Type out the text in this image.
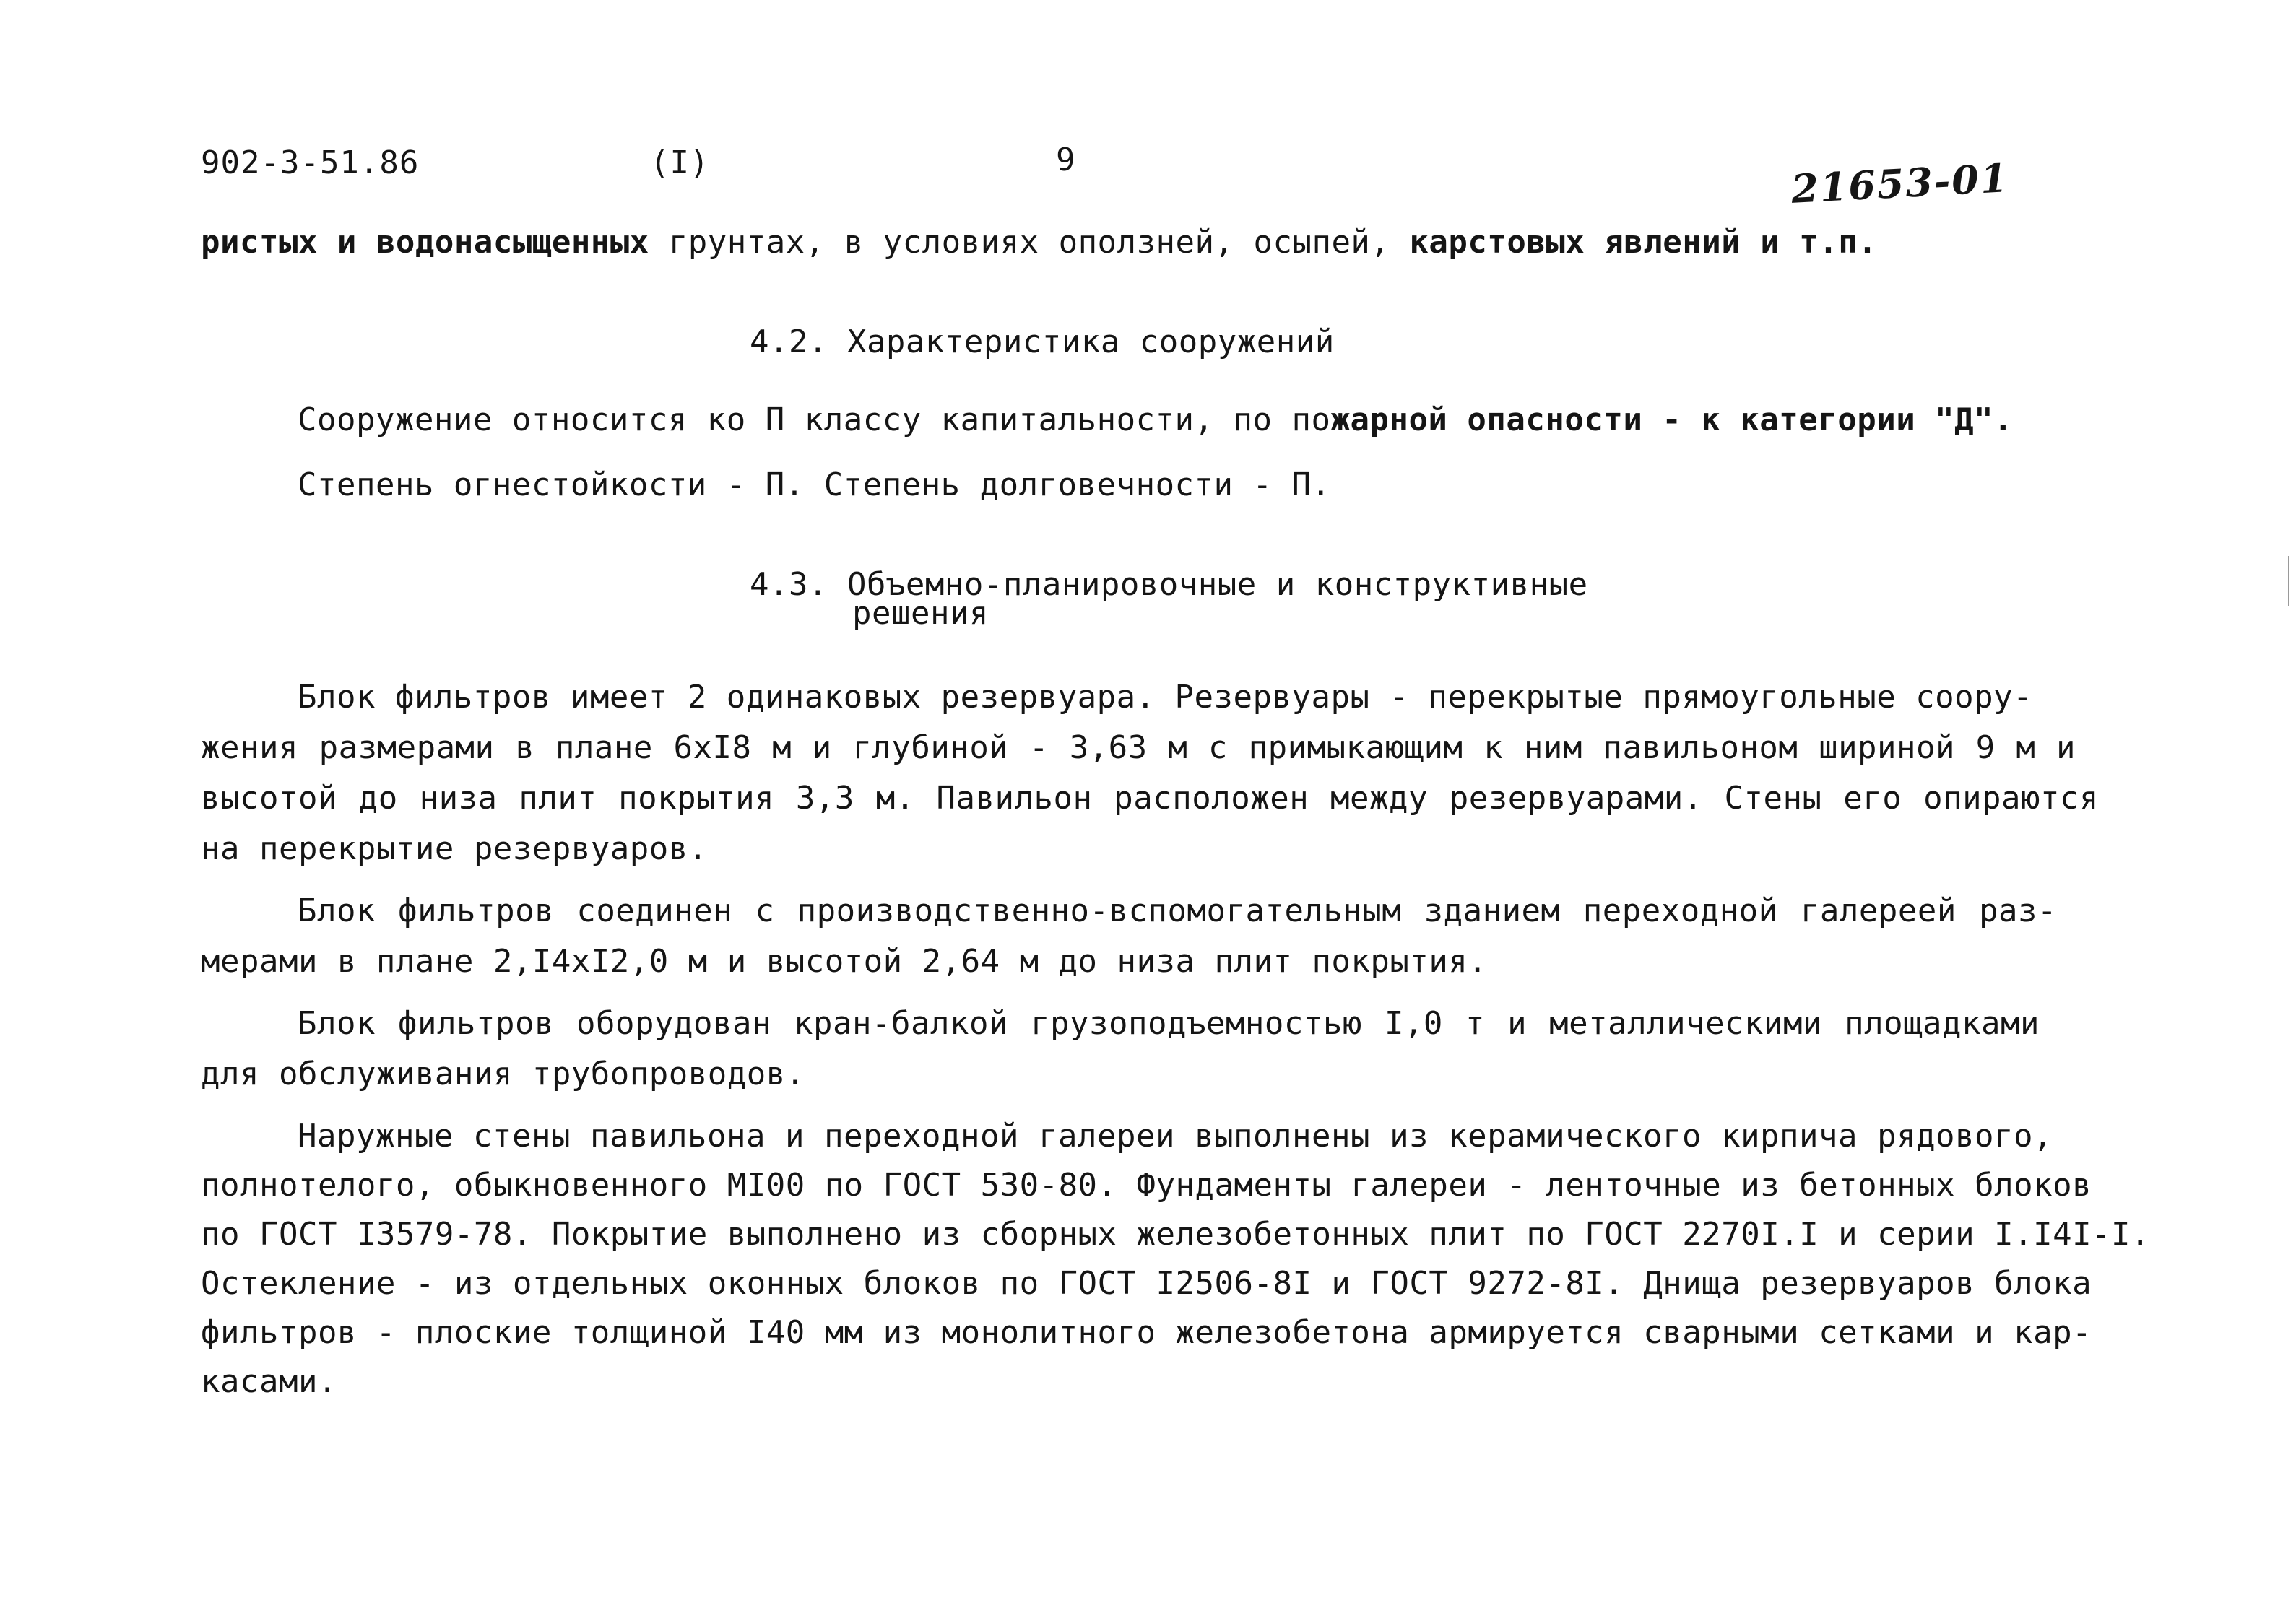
902-3-51.86	(I)	9	21653-01
ристых и водонасыщенных грунтах, в условиях оползней, осыпей, карстовых явлений и т.п.
4.2. Характеристика сооружений
Сооружение относится ко П классу капитальности, по пожарной опасности - к категории "Д".
Степень огнестойкости - П. Степень долговечности - П.
4.3. Объемно-планировочные и конструктивные
решения
Блок фильтров имеет 2 одинаковых резервуара. Резервуары - перекрытые прямоугольные соору-
жения размерами в плане 6хI8 м и глубиной - 3,63 м с примыкающим к ним павильоном шириной 9 м и
высотой до низа плит покрытия 3,3 м. Павильон расположен между резервуарами. Стены его опираются
на перекрытие резервуаров.
Блок фильтров соединен с производственно-вспомогательным зданием переходной галереей раз-
мерами в плане 2,I4хI2,0 м и высотой 2,64 м до низа плит покрытия.
Блок фильтров оборудован кран-балкой грузоподъемностью I,0 т и металлическими площадками
для обслуживания трубопроводов.
Наружные стены павильона и переходной галереи выполнены из керамического кирпича рядового,
полнотелого, обыкновенного МI00 по ГОСТ 530-80. Фундаменты галереи - ленточные из бетонных блоков
по ГОСТ I3579-78. Покрытие выполнено из сборных железобетонных плит по ГОСТ 2270I.I и серии I.I4I-I.
Остекление - из отдельных оконных блоков по ГОСТ I2506-8I и ГОСТ 9272-8I. Днища резервуаров блока
фильтров - плоские толщиной I40 мм из монолитного железобетона армируется сварными сетками и кар-
касами.
